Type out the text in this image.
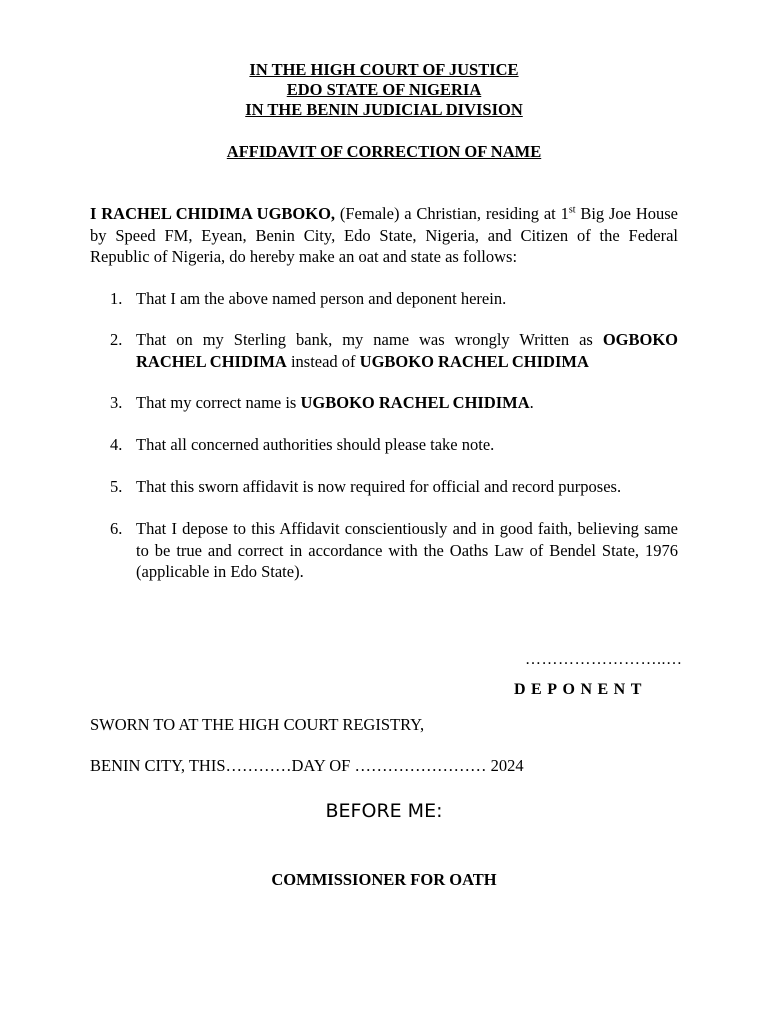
IN THE HIGH COURT OF JUSTICE
EDO STATE OF NIGERIA
IN THE BENIN JUDICIAL DIVISION
AFFIDAVIT OF CORRECTION OF NAME
I RACHEL CHIDIMA UGBOKO, (Female) a Christian, residing at 1st Big Joe House by Speed FM, Eyean, Benin City, Edo State, Nigeria, and Citizen of the Federal Republic of Nigeria, do hereby make an oat and state as follows:
1. That I am the above named person and deponent herein.
2. That on my Sterling bank, my name was wrongly Written as OGBOKO RACHEL CHIDIMA instead of UGBOKO RACHEL CHIDIMA
3. That my correct name is UGBOKO RACHEL CHIDIMA.
4. That all concerned authorities should please take note.
5. That this sworn affidavit is now required for official and record purposes.
6. That I depose to this Affidavit conscientiously and in good faith, believing same to be true and correct in accordance with the Oaths Law of Bendel State, 1976 (applicable in Edo State).
……………………..…
DEPONENT
SWORN TO AT THE HIGH COURT REGISTRY,
BENIN CITY, THIS…………DAY OF …………………… 2024
BEFORE ME:
COMMISSIONER FOR OATH
